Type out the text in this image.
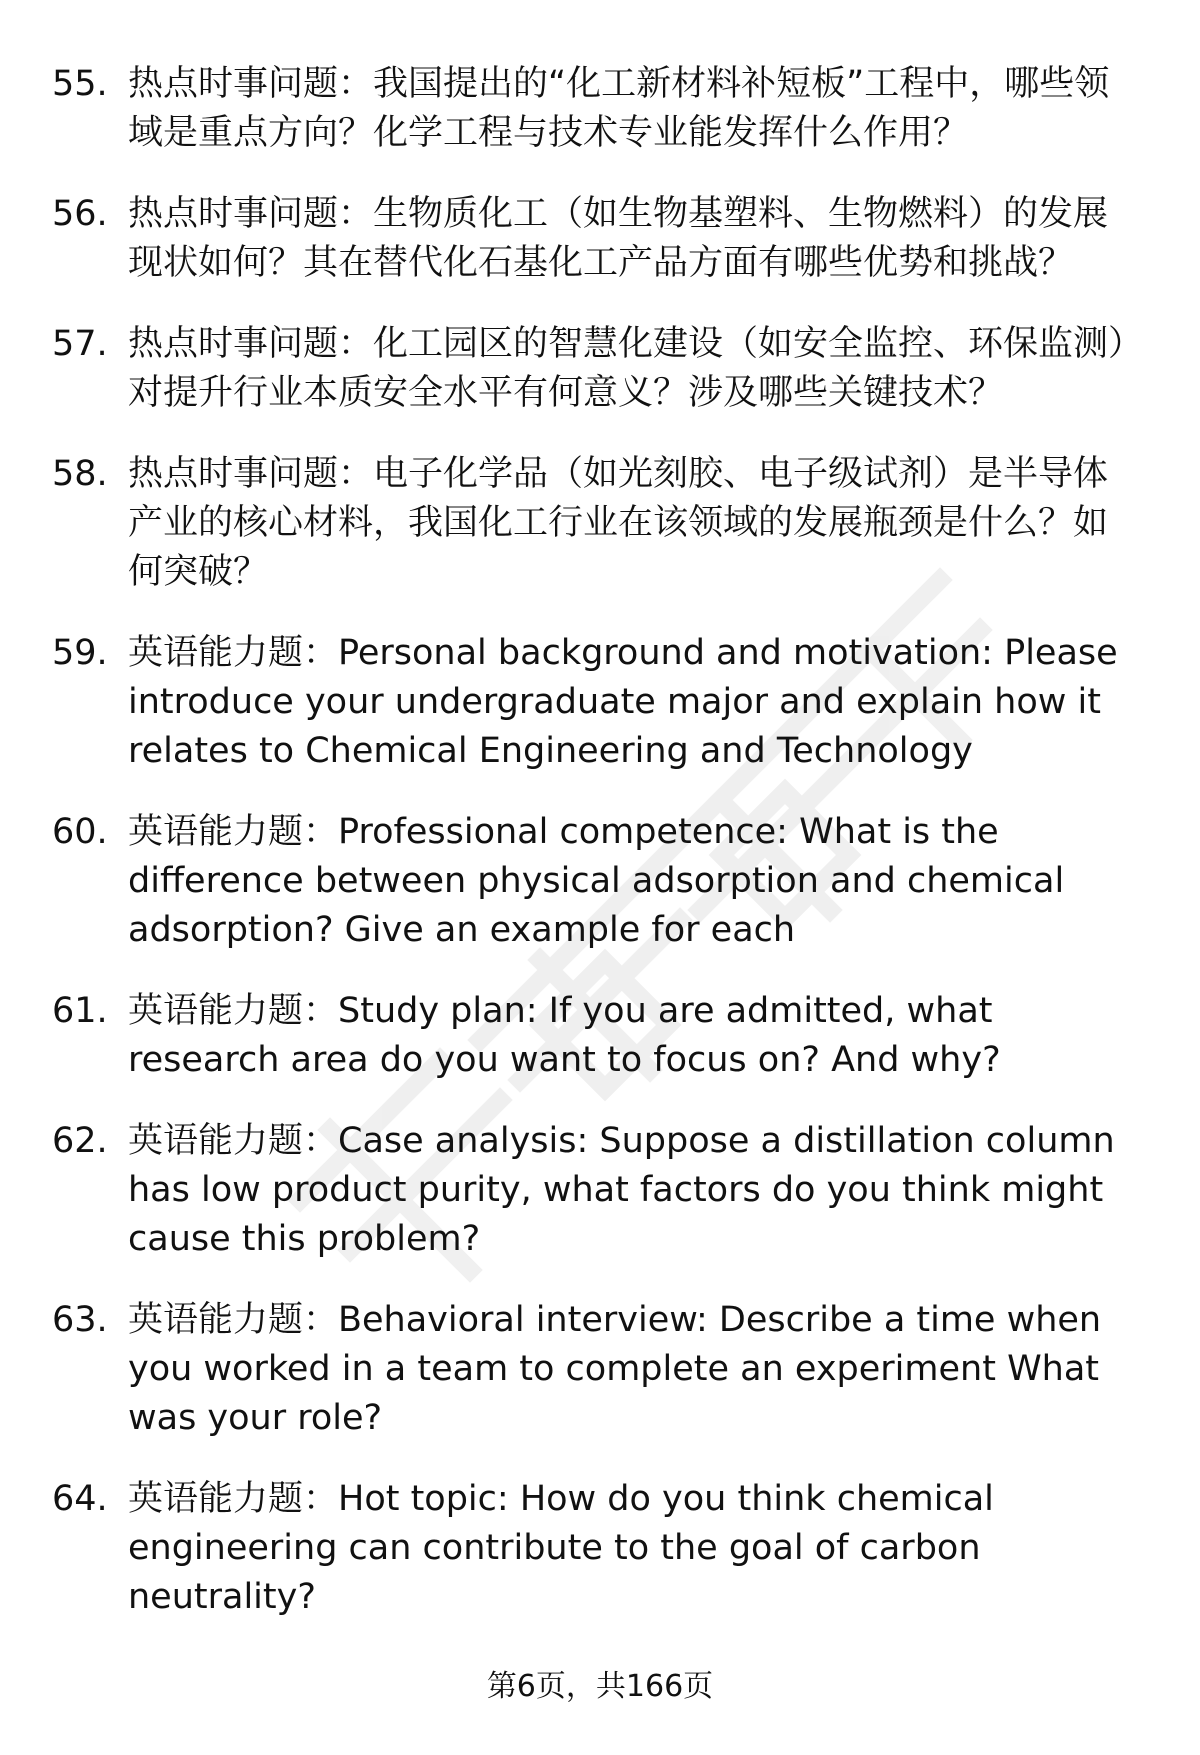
55. 热点时事问题：我国提出的“化工新材料补短板”工程中，哪些领域是重点方向？化学工程与技术专业能发挥什么作用？
56. 热点时事问题：生物质化工（如生物基塑料、生物燃料）的发展现状如何？其在替代化石基化工产品方面有哪些优势和挑战？
57. 热点时事问题：化工园区的智慧化建设（如安全监控、环保监测）对提升行业本质安全水平有何意义？涉及哪些关键技术？
58. 热点时事问题：电子化学品（如光刻胶、电子级试剂）是半导体产业的核心材料，我国化工行业在该领域的发展瓶颈是什么？如何突破？
59. 英语能力题：Personal background and motivation: Please introduce your undergraduate major and explain how it relates to Chemical Engineering and Technology
60. 英语能力题：Professional competence: What is the difference between physical adsorption and chemical adsorption? Give an example for each
61. 英语能力题：Study plan: If you are admitted, what research area do you want to focus on? And why?
62. 英语能力题：Case analysis: Suppose a distillation column has low product purity, what factors do you think might cause this problem?
63. 英语能力题：Behavioral interview: Describe a time when you worked in a team to complete an experiment What was your role?
64. 英语能力题：Hot topic: How do you think chemical engineering can contribute to the goal of carbon neutrality?
第6页，共166页
